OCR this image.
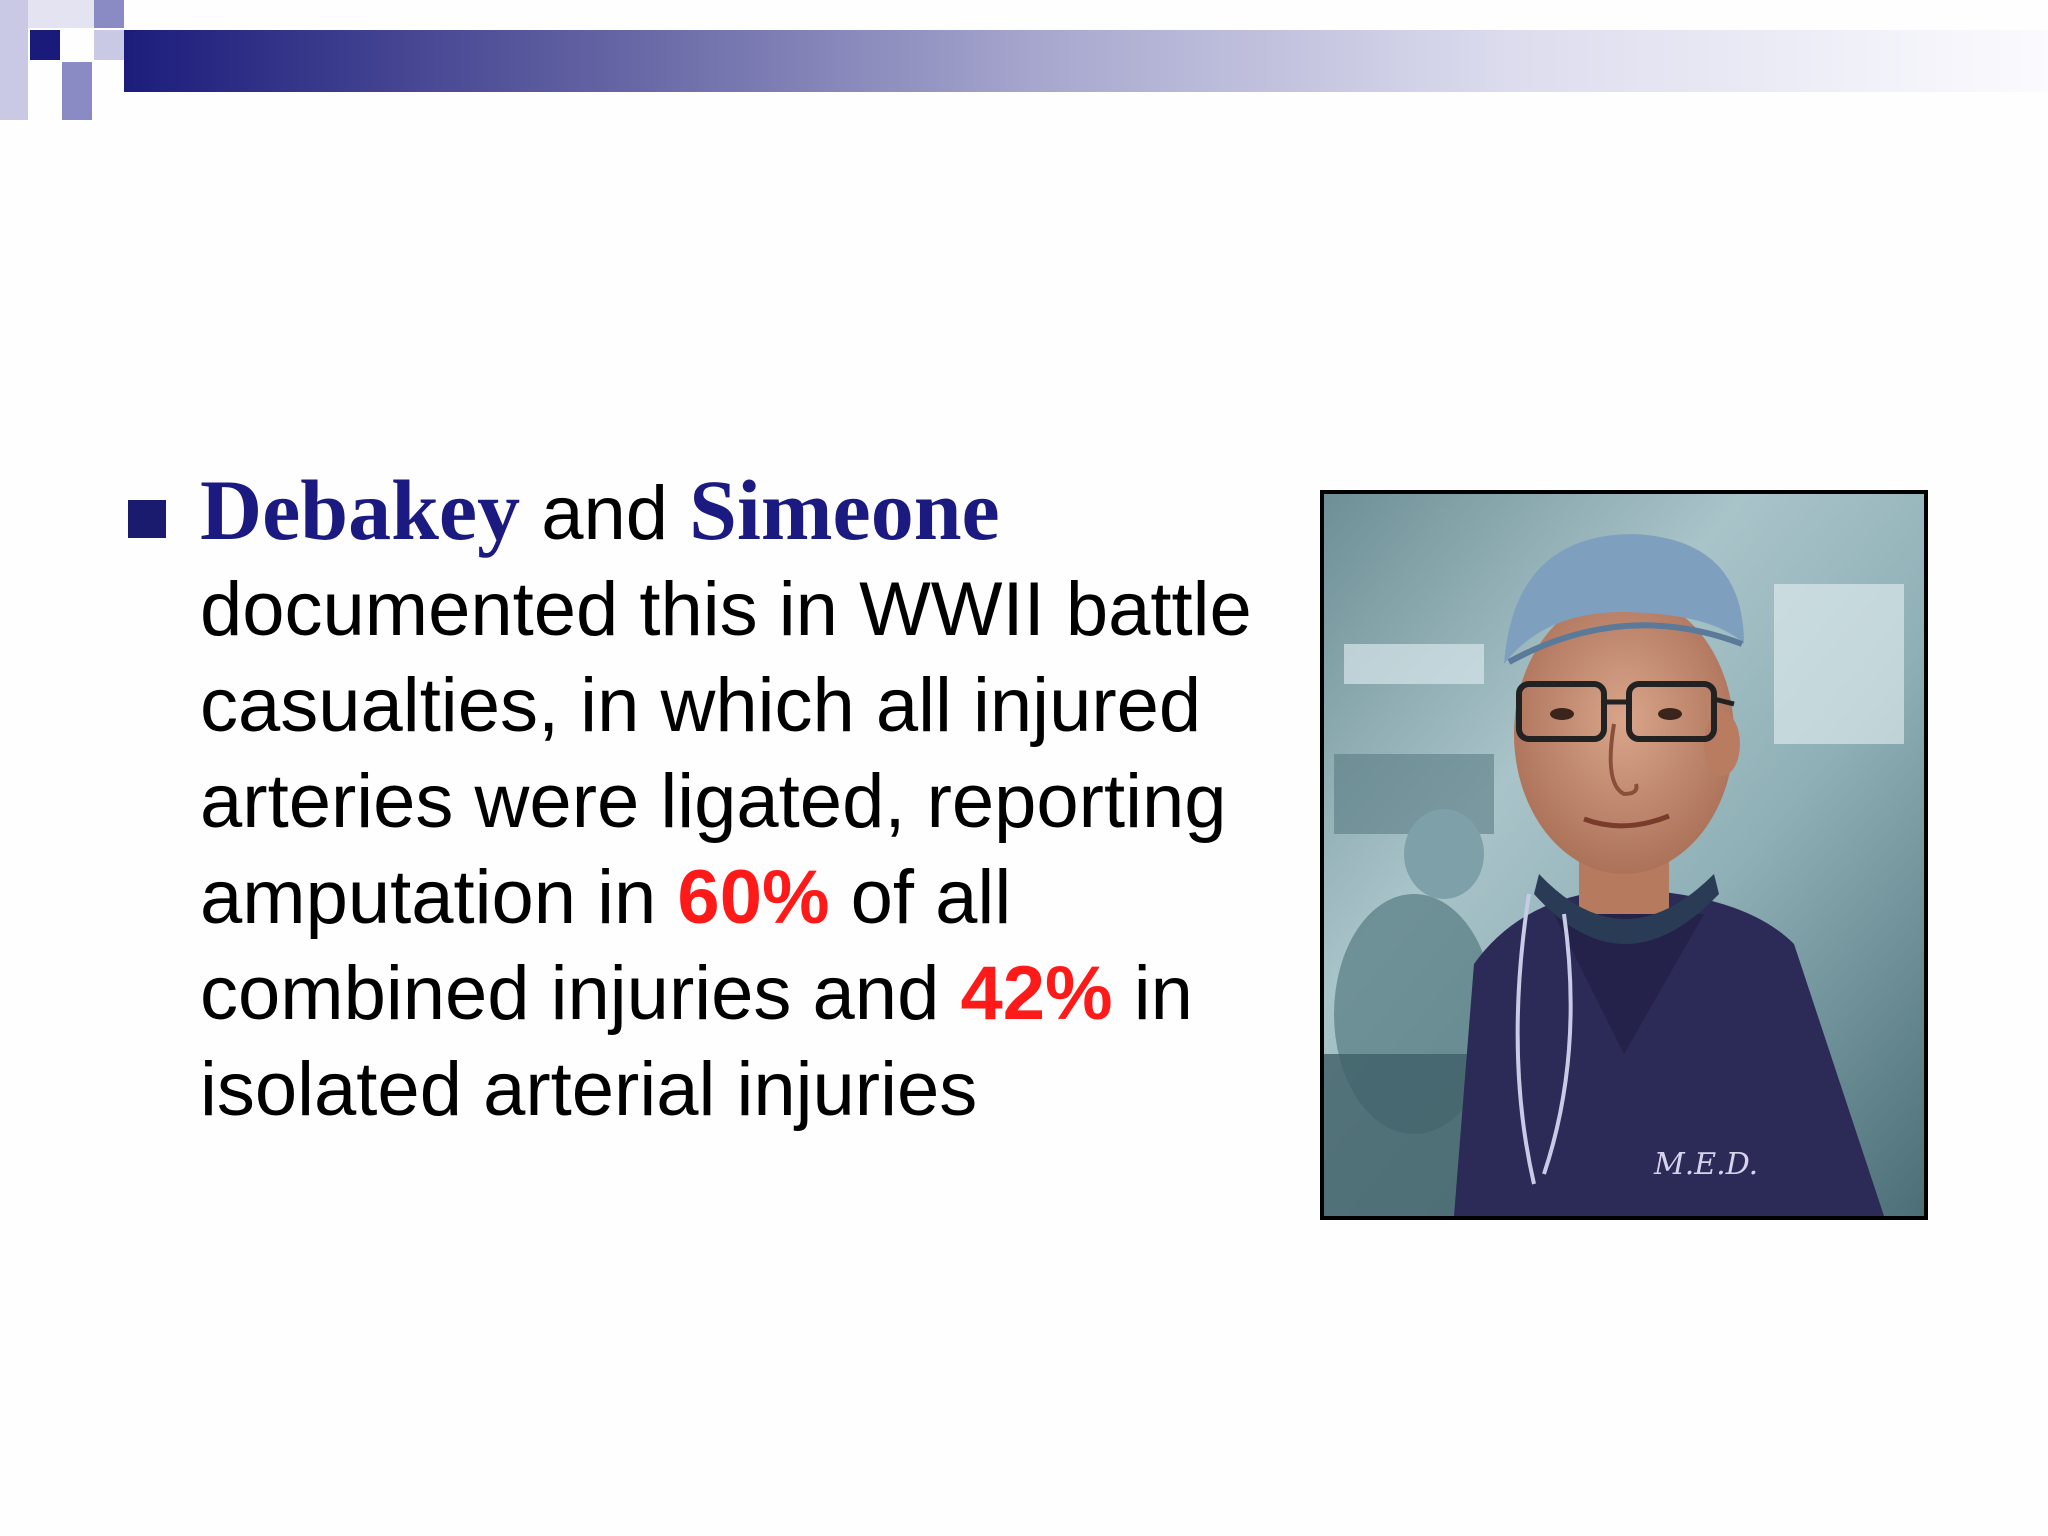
Debakey and Simeone documented this in WWII battle casualties, in which all injured arteries were ligated, reporting amputation in 60% of all combined injuries and 42% in isolated arterial injuries
M.E.D.
